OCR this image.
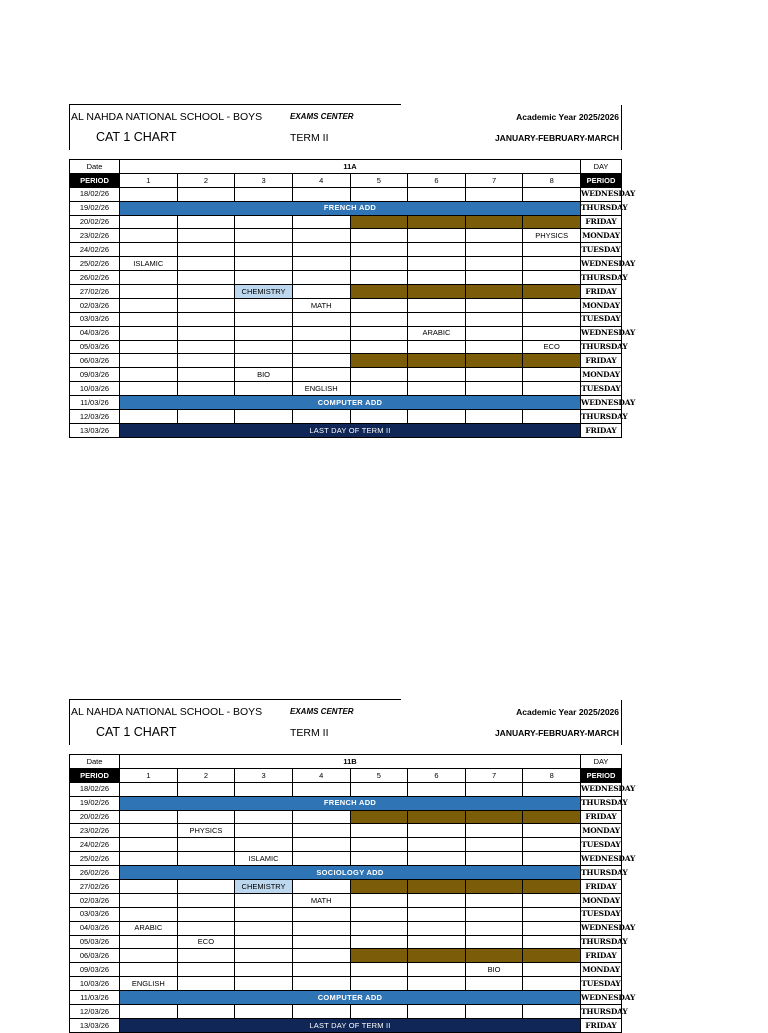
AL NAHDA NATIONAL SCHOOL - BOYS
CAT 1 CHART
EXAMS CENTER
TERM II
Academic Year 2025/2026
JANUARY-FEBRUARY-MARCH
Date	11A								DAY
PERIOD	1	2	3	4	5	6	7	8	PERIOD
18/02/26									WEDNESDAY
19/02/26	FRENCH ADD								THURSDAY
20/02/26									FRIDAY
23/02/26								PHYSICS	MONDAY
24/02/26									TUESDAY
25/02/26	ISLAMIC								WEDNESDAY
26/02/26									THURSDAY
27/02/26			CHEMISTRY						FRIDAY
02/03/26				MATH					MONDAY
03/03/26									TUESDAY
04/03/26						ARABIC			WEDNESDAY
05/03/26								ECO	THURSDAY
06/03/26									FRIDAY
09/03/26			BIO						MONDAY
10/03/26				ENGLISH					TUESDAY
11/03/26	COMPUTER ADD								WEDNESDAY
12/03/26									THURSDAY
13/03/26	LAST DAY OF TERM II								FRIDAY
AL NAHDA NATIONAL SCHOOL - BOYS
CAT 1 CHART
EXAMS CENTER
TERM II
Academic Year 2025/2026
JANUARY-FEBRUARY-MARCH
Date	11B								DAY
PERIOD	1	2	3	4	5	6	7	8	PERIOD
18/02/26									WEDNESDAY
19/02/26	FRENCH ADD								THURSDAY
20/02/26									FRIDAY
23/02/26		PHYSICS							MONDAY
24/02/26									TUESDAY
25/02/26			ISLAMIC						WEDNESDAY
26/02/26	SOCIOLOGY ADD								THURSDAY
27/02/26			CHEMISTRY						FRIDAY
02/03/26				MATH					MONDAY
03/03/26									TUESDAY
04/03/26	ARABIC								WEDNESDAY
05/03/26		ECO							THURSDAY
06/03/26									FRIDAY
09/03/26							BIO		MONDAY
10/03/26	ENGLISH								TUESDAY
11/03/26	COMPUTER ADD								WEDNESDAY
12/03/26									THURSDAY
13/03/26	LAST DAY OF TERM II								FRIDAY
